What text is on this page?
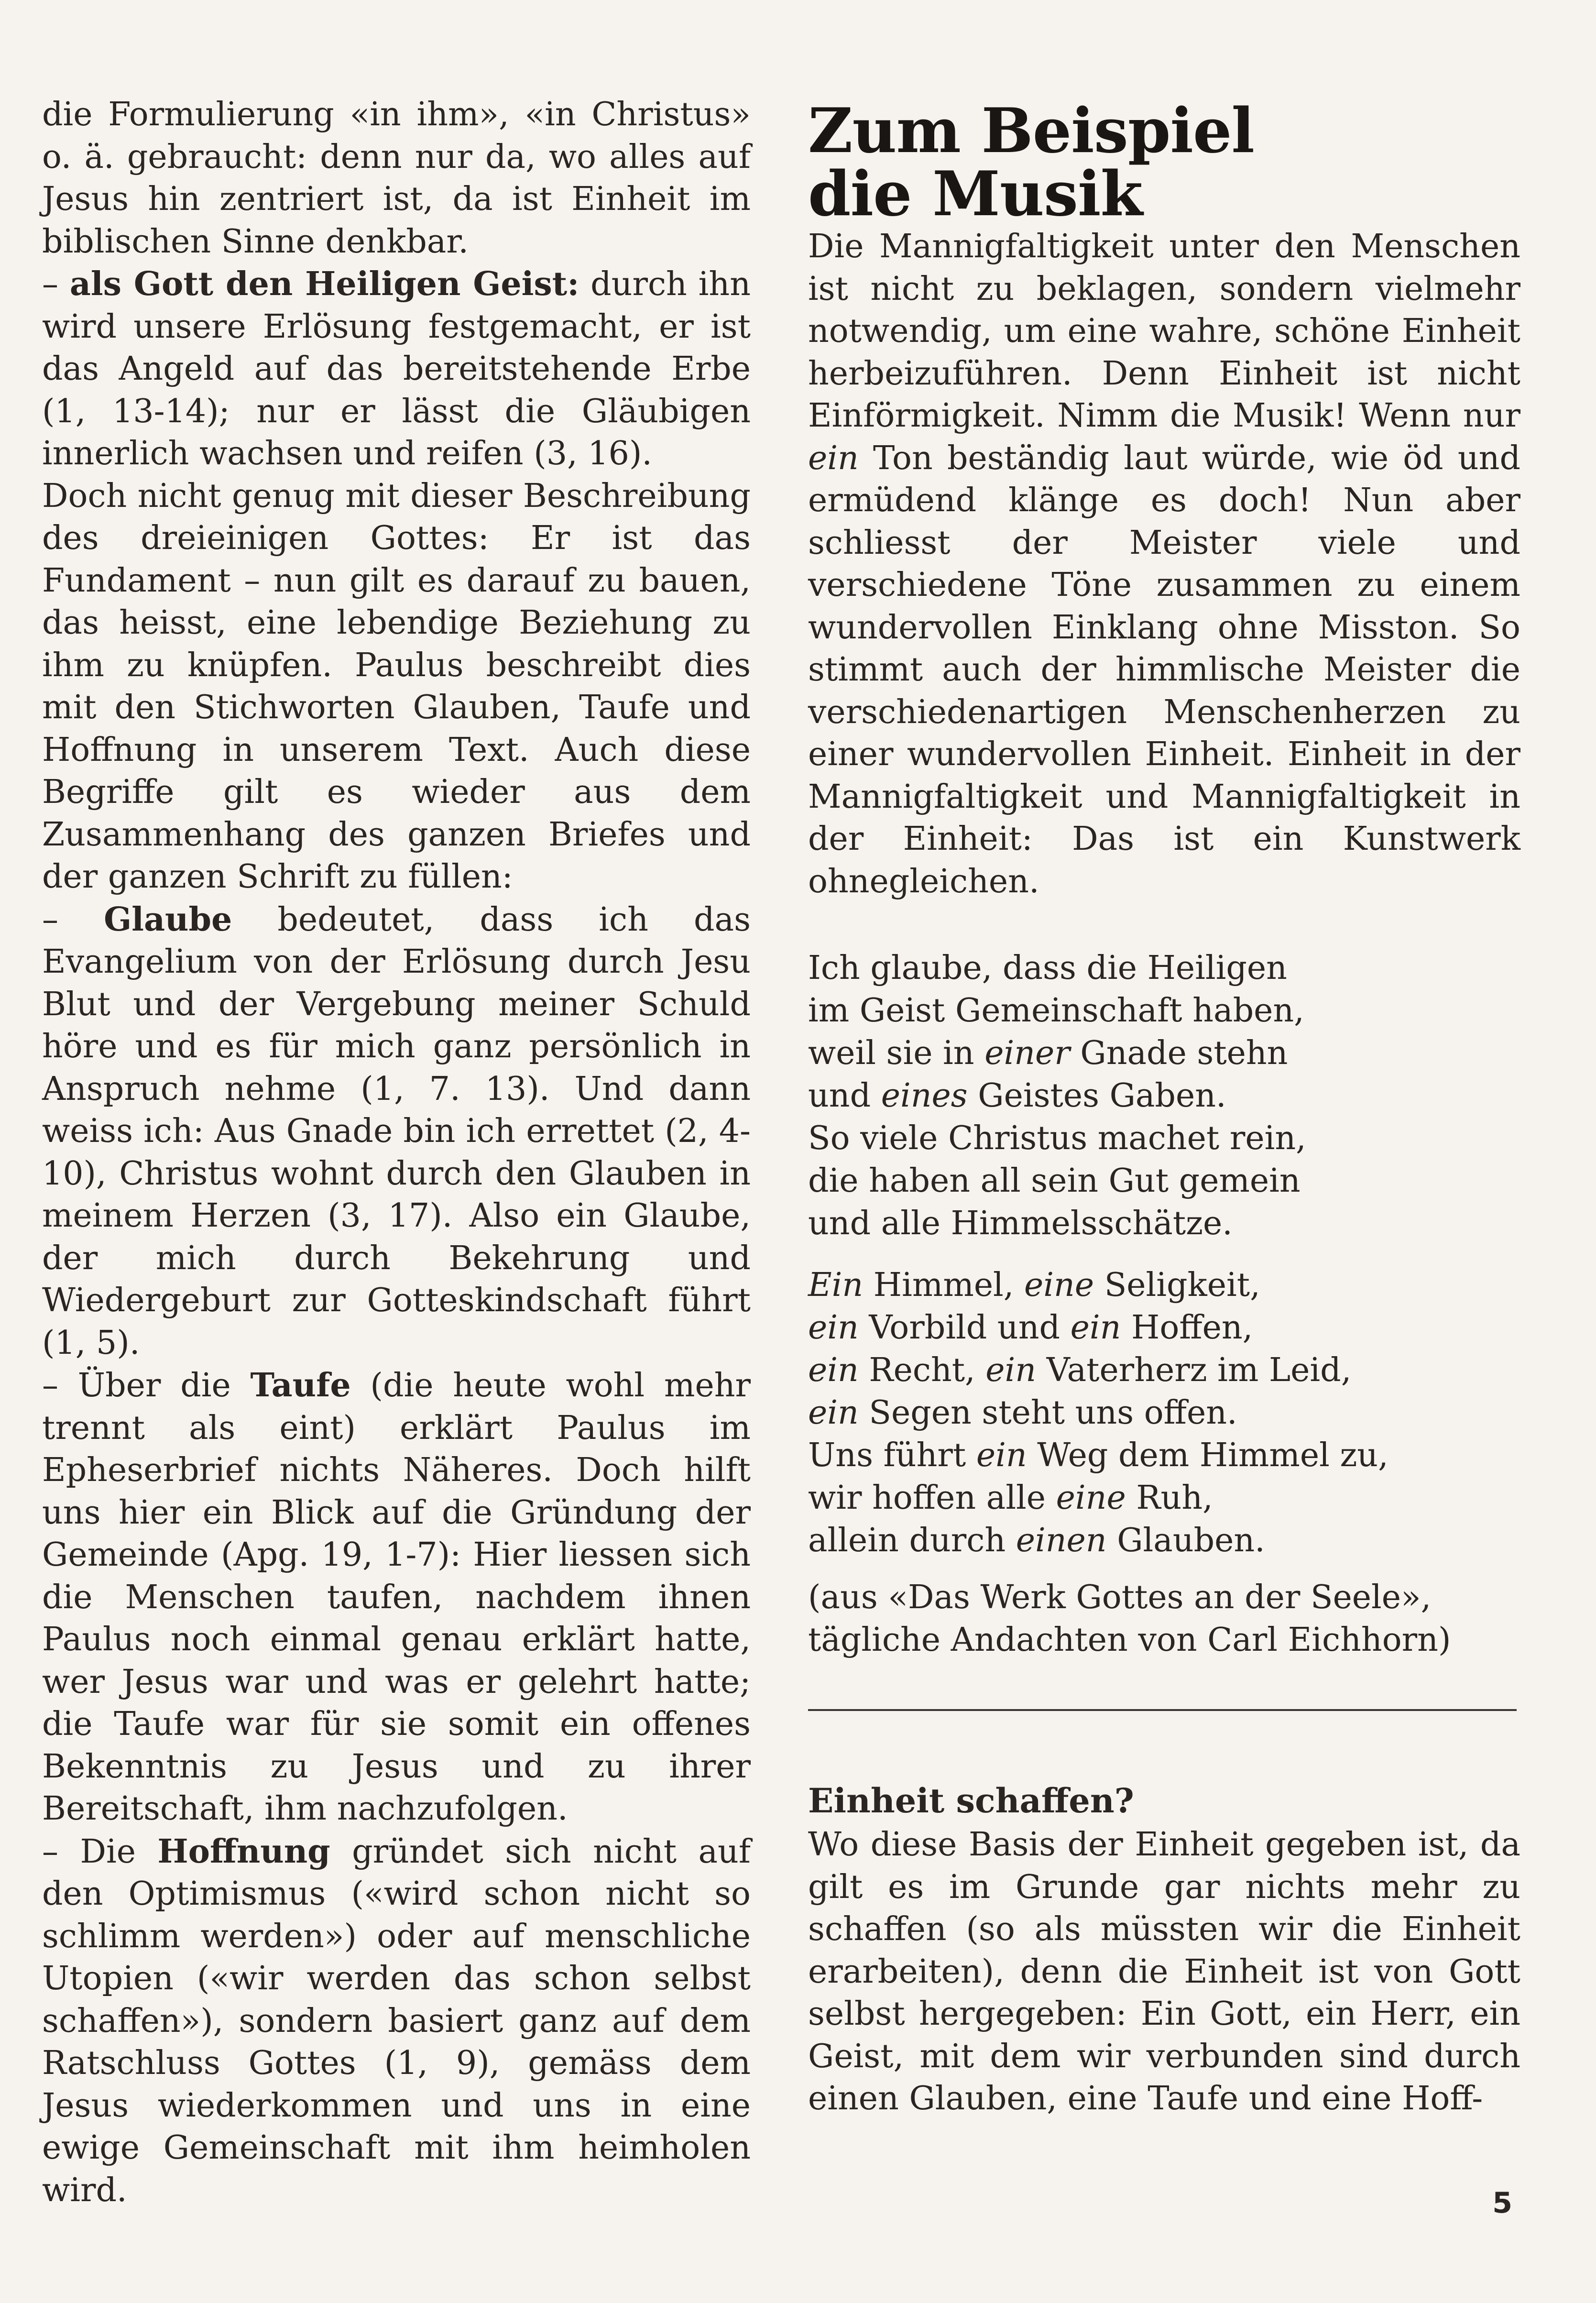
die Formulierung «in ihm», «in Christus» o. ä. gebraucht: denn nur da, wo alles auf Jesus hin zentriert ist, da ist Einheit im biblischen Sinne denkbar.

– als Gott den Heiligen Geist: durch ihn wird unsere Erlösung festgemacht, er ist das Angeld auf das bereitstehende Erbe (1, 13-14); nur er lässt die Gläubigen innerlich wachsen und reifen (3, 16).

Doch nicht genug mit dieser Beschreibung des dreieinigen Gottes: Er ist das Fundament – nun gilt es darauf zu bauen, das heisst, eine lebendige Beziehung zu ihm zu knüpfen. Paulus beschreibt dies mit den Stichworten Glauben, Taufe und Hoffnung in unserem Text. Auch diese Begriffe gilt es wieder aus dem Zusammenhang des ganzen Briefes und der ganzen Schrift zu füllen:

– Glaube bedeutet, dass ich das Evangelium von der Erlösung durch Jesu Blut und der Vergebung meiner Schuld höre und es für mich ganz persönlich in Anspruch nehme (1, 7. 13). Und dann weiss ich: Aus Gnade bin ich errettet (2, 4-10), Christus wohnt durch den Glauben in meinem Herzen (3, 17). Also ein Glaube, der mich durch Bekehrung und Wiedergeburt zur Gotteskindschaft führt (1, 5).

– Über die Taufe (die heute wohl mehr trennt als eint) erklärt Paulus im Epheserbrief nichts Näheres. Doch hilft uns hier ein Blick auf die Gründung der Gemeinde (Apg. 19, 1-7): Hier liessen sich die Menschen taufen, nachdem ihnen Paulus noch einmal genau erklärt hatte, wer Jesus war und was er gelehrt hatte; die Taufe war für sie somit ein offenes Bekenntnis zu Jesus und zu ihrer Bereitschaft, ihm nachzufolgen.

– Die Hoffnung gründet sich nicht auf den Optimismus («wird schon nicht so schlimm werden») oder auf menschliche Utopien («wir werden das schon selbst schaffen»), sondern basiert ganz auf dem Ratschluss Gottes (1, 9), gemäss dem Jesus wiederkommen und uns in eine ewige Gemeinschaft mit ihm heimholen wird.

Zum Beispiel
die Musik

Die Mannigfaltigkeit unter den Menschen ist nicht zu beklagen, sondern vielmehr notwendig, um eine wahre, schöne Einheit herbeizuführen. Denn Einheit ist nicht Einförmigkeit. Nimm die Musik! Wenn nur ein Ton beständig laut würde, wie öd und ermüdend klänge es doch! Nun aber schliesst der Meister viele und verschiedene Töne zusammen zu einem wundervollen Einklang ohne Misston. So stimmt auch der himmlische Meister die verschiedenartigen Menschenherzen zu einer wundervollen Einheit. Einheit in der Mannigfaltigkeit und Mannigfaltigkeit in der Einheit: Das ist ein Kunstwerk ohnegleichen.

Ich glaube, dass die Heiligen
im Geist Gemeinschaft haben,
weil sie in einer Gnade stehn
und eines Geistes Gaben.
So viele Christus machet rein,
die haben all sein Gut gemein
und alle Himmelsschätze.
Ein Himmel, eine Seligkeit,
ein Vorbild und ein Hoffen,
ein Recht, ein Vaterherz im Leid,
ein Segen steht uns offen.
Uns führt ein Weg dem Himmel zu,
wir hoffen alle eine Ruh,
allein durch einen Glauben.
(aus «Das Werk Gottes an der Seele»,
tägliche Andachten von Carl Eichhorn)
Einheit schaffen?

Wo diese Basis der Einheit gegeben ist, da gilt es im Grunde gar nichts mehr zu schaffen (so als müssten wir die Einheit erarbeiten), denn die Einheit ist von Gott selbst hergegeben: Ein Gott, ein Herr, ein Geist, mit dem wir verbunden sind durch einen Glauben, eine Taufe und eine Hoff-

5
